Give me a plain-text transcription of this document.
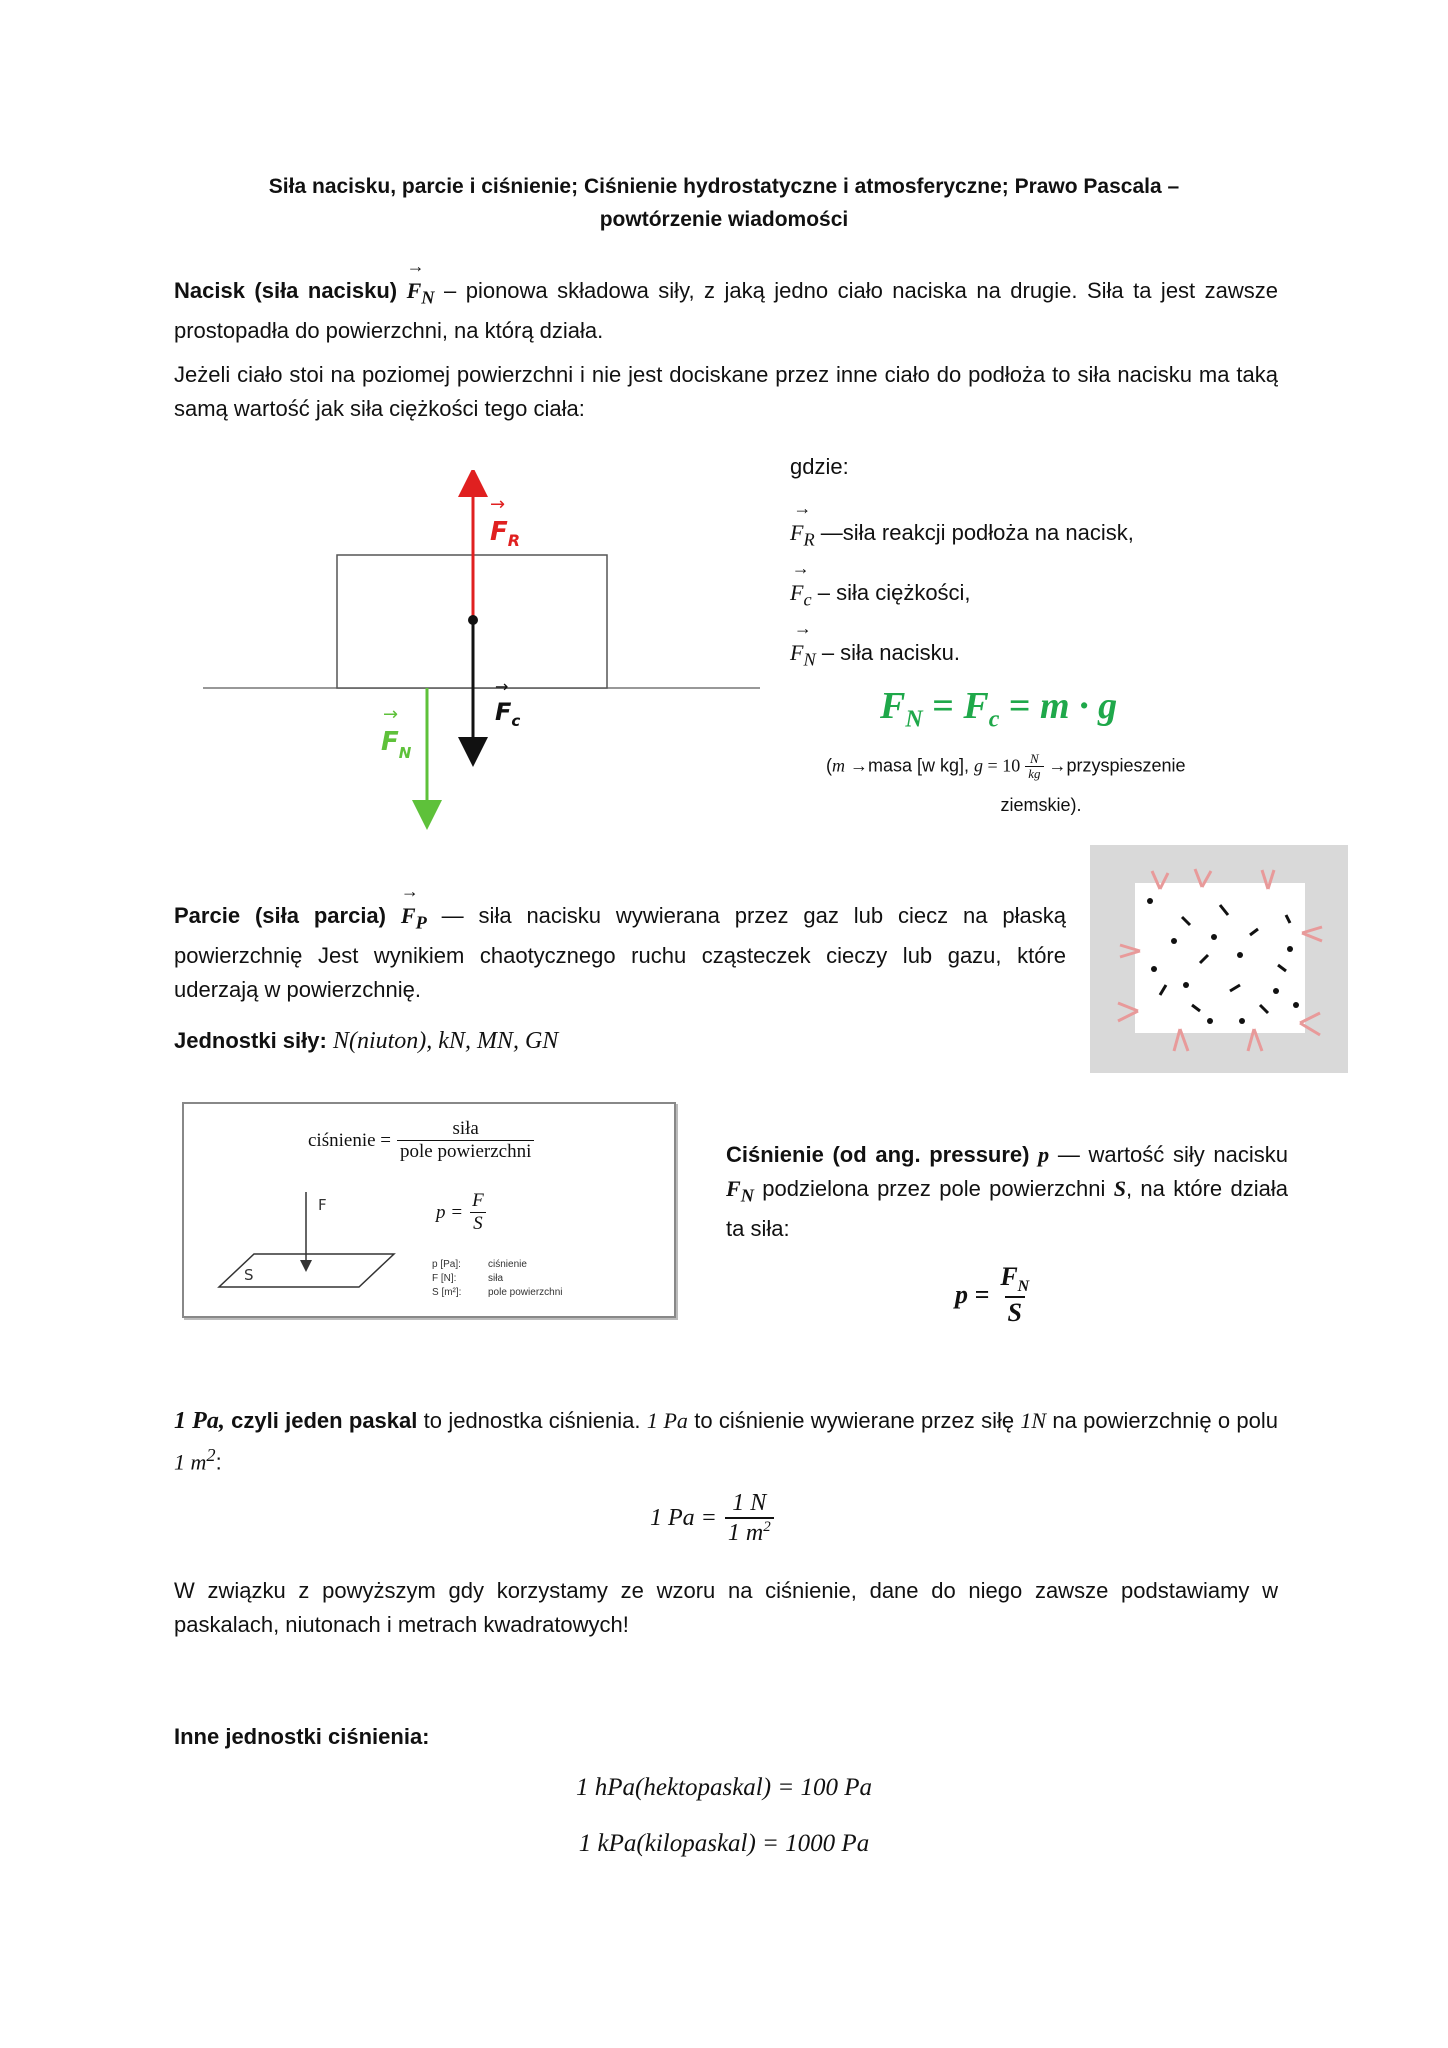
Siła nacisku, parcie i ciśnienie; Ciśnienie hydrostatyczne i atmosferyczne; Prawo Pascala –
powtórzenie wiadomości
Nacisk (siła nacisku) → $F_N$ – pionowa składowa siły, z jaką jedno ciało naciska na drugie. Siła ta jest zawsze prostopadła do powierzchni, na którą działa.
Jeżeli ciało stoi na poziomej powierzchni i nie jest dociskane przez inne ciało do podłoża to siła nacisku ma taką samą wartość jak siła ciężkości tego ciała:
$F_R$
→
$F_c$
→
$F_N$
→
gdzie:
→ $F_R$ —siła reakcji podłoża na nacisk,
→ $F_c$ – siła ciężkości,
→ $F_N$ – siła nacisku.
$F_N = F_c = m \cdot g$
(m →masa [w kg], $g = 10 \frac{N}{kg}$ →przyspieszenie
ziemskie).
Parcie (siła parcia) → $F_P$ — siła nacisku wywierana przez gaz lub ciecz na płaską powierzchnię Jest wynikiem chaotycznego ruchu cząsteczek cieczy lub gazu, które uderzają w powierzchnię.
Jednostki siły: N(niuton), kN, MN, GN
ciśnienie = $\frac{\text{siła}}{\text{pole powierzchni}}$
$p = \frac{F}{S}$
F
S
p [Pa]:	ciśnienie
F [N]:	siła
S [m²]:	pole powierzchni
Ciśnienie (od ang. pressure) p — wartość siły nacisku $F_N$ podzielona przez pole powierzchni S, na które działa ta siła:
$p = \frac{F_N}{S}$
1 Pa, czyli jeden paskal to jednostka ciśnienia. 1 Pa to ciśnienie wywierane przez siłę 1N na powierzchnię o polu 1 $m^2$:
1 $Pa = \frac{1 N}{1 m^2}$
W związku z powyższym gdy korzystamy ze wzoru na ciśnienie, dane do niego zawsze podstawiamy w paskalach, niutonach i metrach kwadratowych!
Inne jednostki ciśnienia:
1 hPa(hektopaskal) = 100 Pa
1 kPa(kilopaskal) = 1000 Pa
